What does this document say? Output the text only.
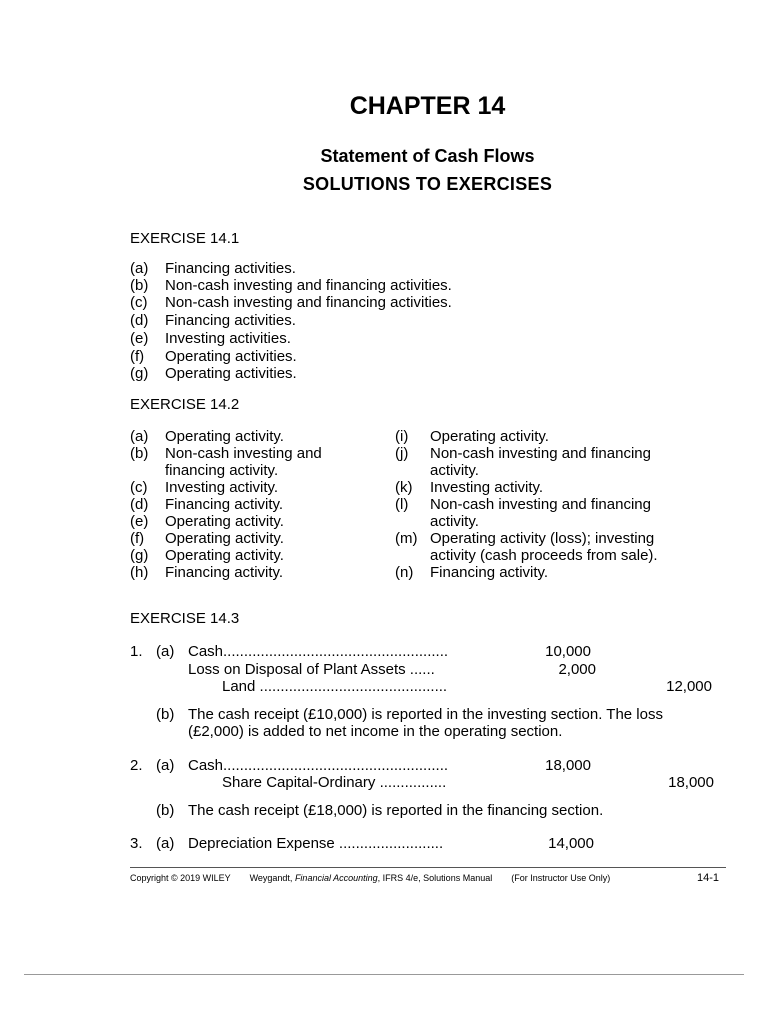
CHAPTER 14
Statement of Cash Flows
SOLUTIONS TO EXERCISES
EXERCISE 14.1
(a) Financing activities.
(b) Non-cash investing and financing activities.
(c) Non-cash investing and financing activities.
(d) Financing activities.
(e) Investing activities.
(f) Operating activities.
(g) Operating activities.
EXERCISE 14.2
(a) Operating activity.
(b) Non-cash investing and
financing activity.
(c) Investing activity.
(d) Financing activity.
(e) Operating activity.
(f) Operating activity.
(g) Operating activity.
(h) Financing activity.
(i) Operating activity.
(j) Non-cash investing and financing
activity.
(k) Investing activity.
(l) Non-cash investing and financing
activity.
(m) Operating activity (loss); investing
activity (cash proceeds from sale).
(n) Financing activity.
EXERCISE 14.3
1. (a) Cash......................................................	10,000
Loss on Disposal of Plant Assets ......	2,000
Land .............................................	12,000
(b) The cash receipt (£10,000) is reported in the investing section. The loss
(£2,000) is added to net income in the operating section.
2. (a) Cash......................................................	18,000
Share Capital-Ordinary ................	18,000
(b) The cash receipt (£18,000) is reported in the financing section.
3. (a) Depreciation Expense .........................	14,000
Copyright © 2019 WILEY Weygandt, Financial Accounting, IFRS 4/e, Solutions Manual (For Instructor Use Only)	14-1
